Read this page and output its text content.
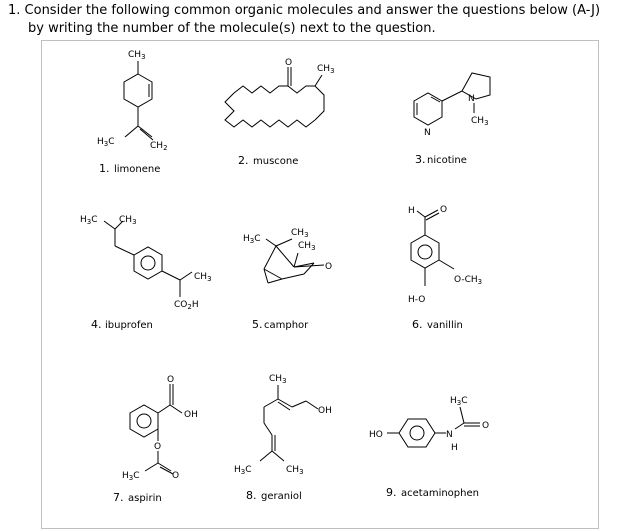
1. Consider the following common organic molecules and answer the questions below (A-J)
by writing the number of the molecule(s) next to the question.
$CH_3$
$H_3C$	$CH_2$
1. limonene
O
$CH_3$
2. muscone
N
N
$CH_3$
3. nicotine
$H_3C$ $CH_3$
$CH_3$
$CO_2H$
4. ibuprofen
$H_3C$
$CH_3$
$CH_3$
O
5. camphor
H	O
$O-CH_3$
H-O
6. vanillin
O
OH
O
$H_3C$	O
7. aspirin
$CH_3$
OH
$H_3C$	$CH_3$
8. geraniol
HO	N
H
O
$H_3C$
9. acetaminophen
